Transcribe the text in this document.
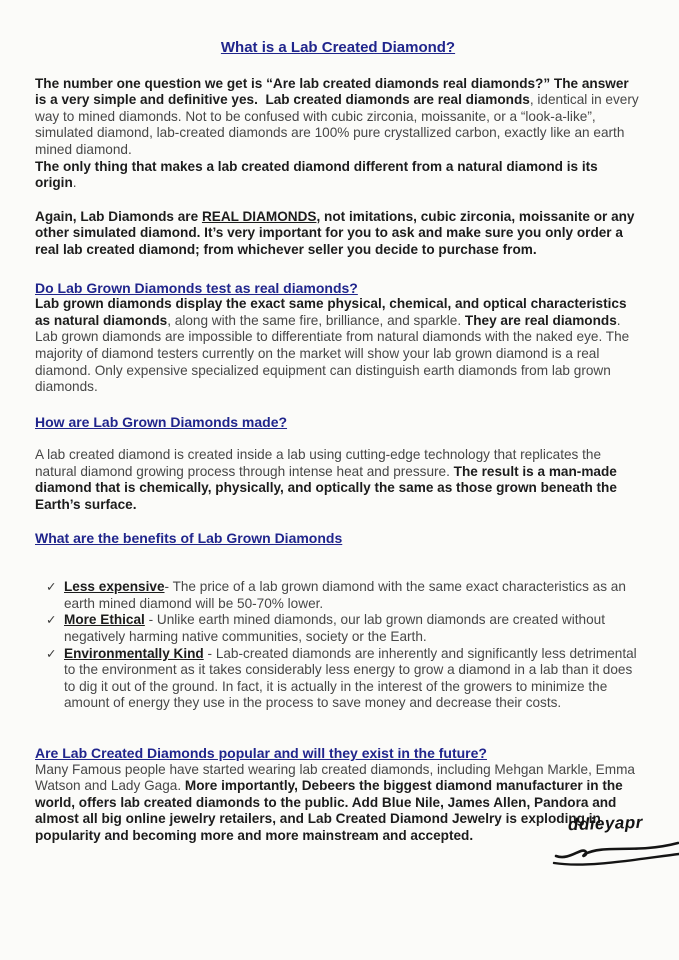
What is a Lab Created Diamond?

The number one question we get is “Are lab created diamonds real diamonds?” The answer is a very simple and definitive yes.  Lab created diamonds are real diamonds, identical in every way to mined diamonds. Not to be confused with cubic zirconia, moissanite, or a “look-a-like”, simulated diamond, lab-created diamonds are 100% pure crystallized carbon, exactly like an earth mined diamond.
The only thing that makes a lab created diamond different from a natural diamond is its origin.

Again, Lab Diamonds are REAL DIAMONDS, not imitations, cubic zirconia, moissanite or any other simulated diamond. It’s very important for you to ask and make sure you only order a real lab created diamond; from whichever seller you decide to purchase from.

Do Lab Grown Diamonds test as real diamonds?

Lab grown diamonds display the exact same physical, chemical, and optical characteristics as natural diamonds, along with the same fire, brilliance, and sparkle. They are real diamonds. Lab grown diamonds are impossible to differentiate from natural diamonds with the naked eye. The majority of diamond testers currently on the market will show your lab grown diamond is a real diamond. Only expensive specialized equipment can distinguish earth diamonds from lab grown diamonds.

How are Lab Grown Diamonds made?

A lab created diamond is created inside a lab using cutting-edge technology that replicates the natural diamond growing process through intense heat and pressure. The result is a man-made diamond that is chemically, physically, and optically the same as those grown beneath the Earth’s surface.

What are the benefits of Lab Grown Diamonds
✓ Less expensive- The price of a lab grown diamond with the same exact characteristics as an earth mined diamond will be 50-70% lower.
✓ More Ethical - Unlike earth mined diamonds, our lab grown diamonds are created without negatively harming native communities, society or the Earth.
✓ Environmentally Kind - Lab-created diamonds are inherently and significantly less detrimental to the environment as it takes considerably less energy to grow a diamond in a lab than it does to dig it out of the ground. In fact, it is actually in the interest of the growers to minimize the amount of energy they use in the process to save money and decrease their costs.
Are Lab Created Diamonds popular and will they exist in the future?

Many Famous people have started wearing lab created diamonds, including Mehgan Markle, Emma Watson and Lady Gaga. More importantly, Debeers the biggest diamond manufacturer in the world, offers lab created diamonds to the public. Add Blue Nile, James Allen, Pandora and almost all big online jewelry retailers, and Lab Created Diamond Jewelry is exploding in popularity and becoming more and more mainstream and accepted.

ddieyapr
